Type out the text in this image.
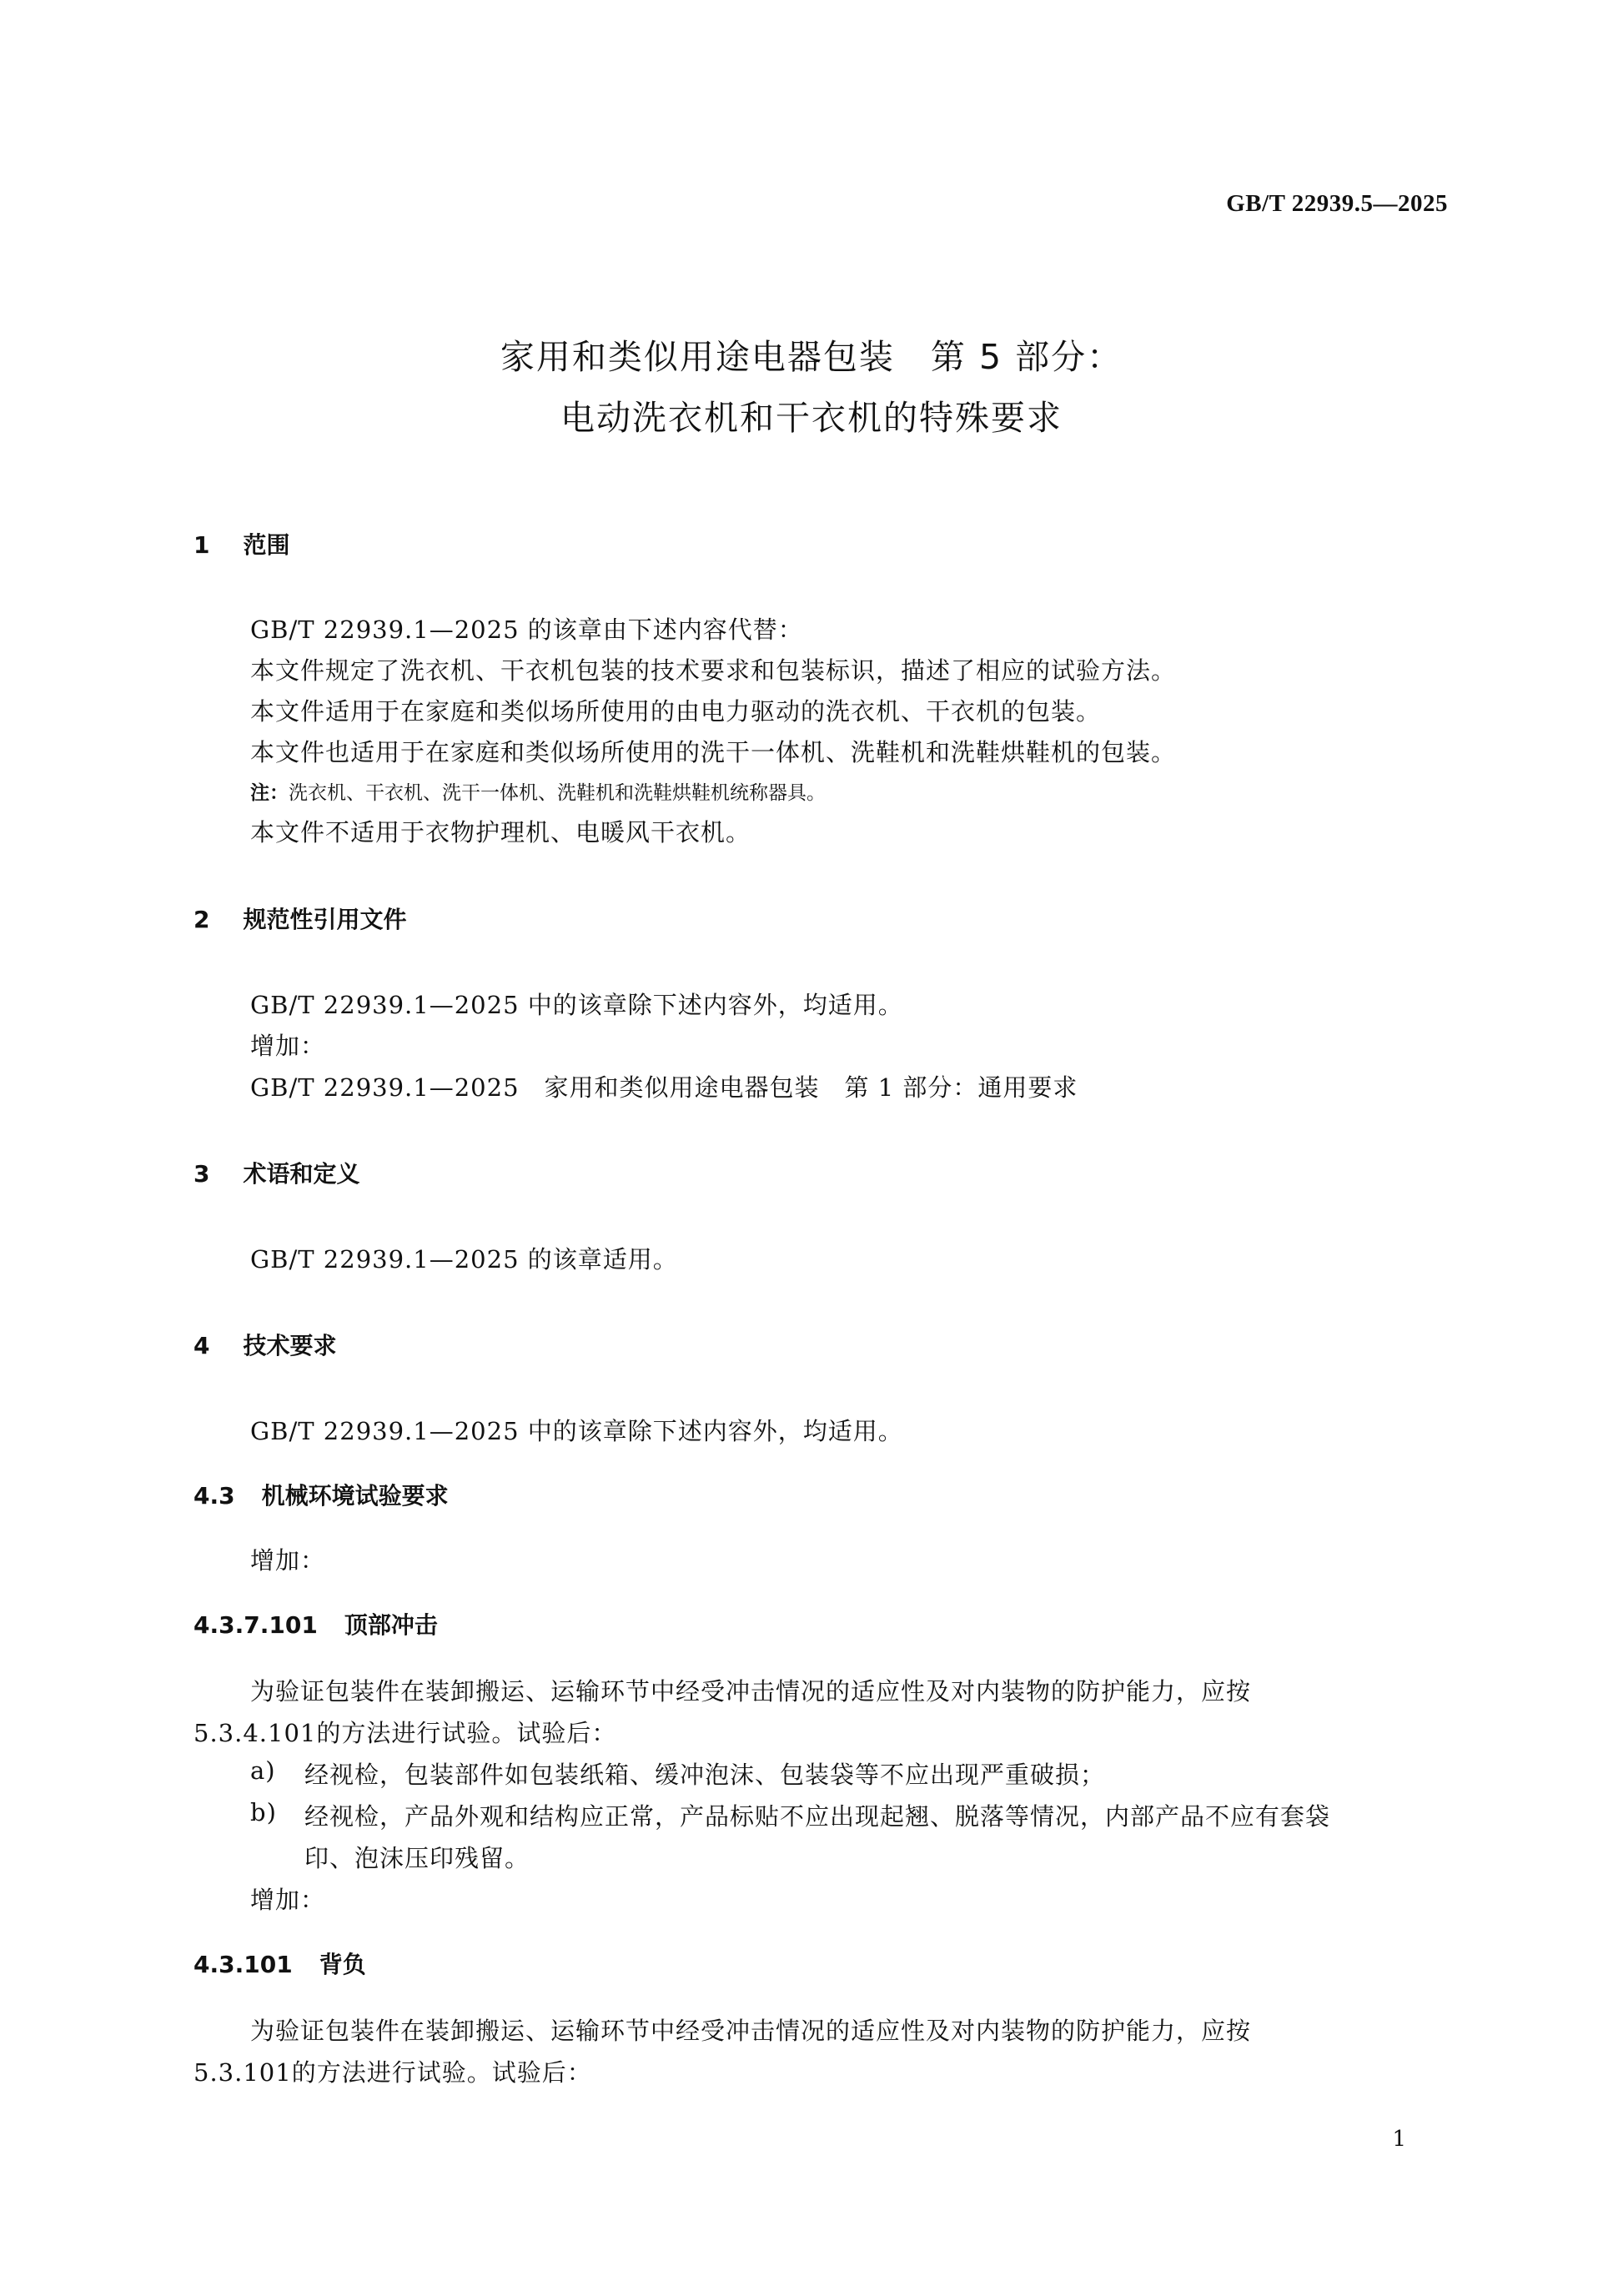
GB/T 22939.5—2025
家用和类似用途电器包装　第 5 部分：
电动洗衣机和干衣机的特殊要求
1 范围
GB/T 22939.1—2025 的该章由下述内容代替：
本文件规定了洗衣机、干衣机包装的技术要求和包装标识，描述了相应的试验方法。
本文件适用于在家庭和类似场所使用的由电力驱动的洗衣机、干衣机的包装。
本文件也适用于在家庭和类似场所使用的洗干一体机、洗鞋机和洗鞋烘鞋机的包装。
注：洗衣机、干衣机、洗干一体机、洗鞋机和洗鞋烘鞋机统称器具。
本文件不适用于衣物护理机、电暖风干衣机。
2 规范性引用文件
GB/T 22939.1—2025 中的该章除下述内容外，均适用。
增加：
GB/T 22939.1—2025　家用和类似用途电器包装　第 1 部分：通用要求
3 术语和定义
GB/T 22939.1—2025 的该章适用。
4 技术要求
GB/T 22939.1—2025 中的该章除下述内容外，均适用。
4.3 机械环境试验要求
增加：
4.3.7.101 顶部冲击
为验证包装件在装卸搬运、运输环节中经受冲击情况的适应性及对内装物的防护能力，应按
5.3.4.101的方法进行试验。试验后：
a) 经视检，包装部件如包装纸箱、缓冲泡沫、包装袋等不应出现严重破损；
b) 经视检，产品外观和结构应正常，产品标贴不应出现起翘、脱落等情况，内部产品不应有套袋
印、泡沫压印残留。
增加：
4.3.101 背负
为验证包装件在装卸搬运、运输环节中经受冲击情况的适应性及对内装物的防护能力，应按
5.3.101的方法进行试验。试验后：
1
